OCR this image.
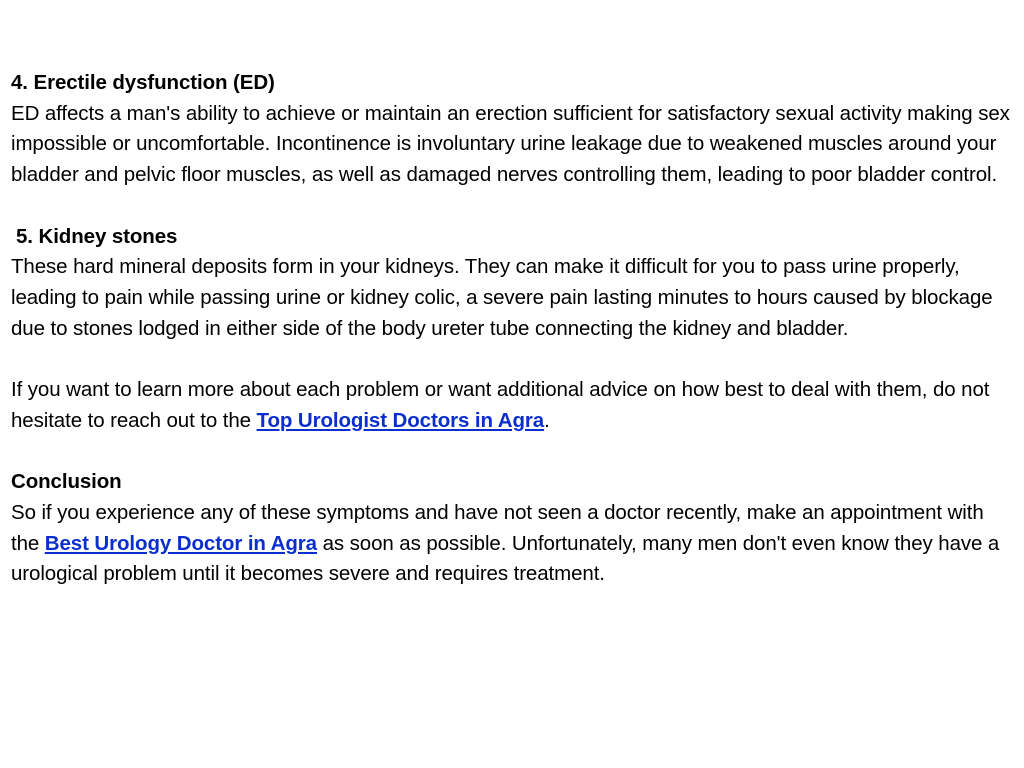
4. Erectile dysfunction (ED)
ED affects a man's ability to achieve or maintain an erection sufficient for satisfactory sexual activity making sex impossible or uncomfortable. Incontinence is involuntary urine leakage due to weakened muscles around your bladder and pelvic floor muscles, as well as damaged nerves controlling them, leading to poor bladder control.
5. Kidney stones
These hard mineral deposits form in your kidneys. They can make it difficult for you to pass urine properly, leading to pain while passing urine or kidney colic, a severe pain lasting minutes to hours caused by blockage due to stones lodged in either side of the body ureter tube connecting the kidney and bladder.
If you want to learn more about each problem or want additional advice on how best to deal with them, do not hesitate to reach out to the Top Urologist Doctors in Agra.
Conclusion
So if you experience any of these symptoms and have not seen a doctor recently, make an appointment with the Best Urology Doctor in Agra as soon as possible. Unfortunately, many men don't even know they have a urological problem until it becomes severe and requires treatment.
